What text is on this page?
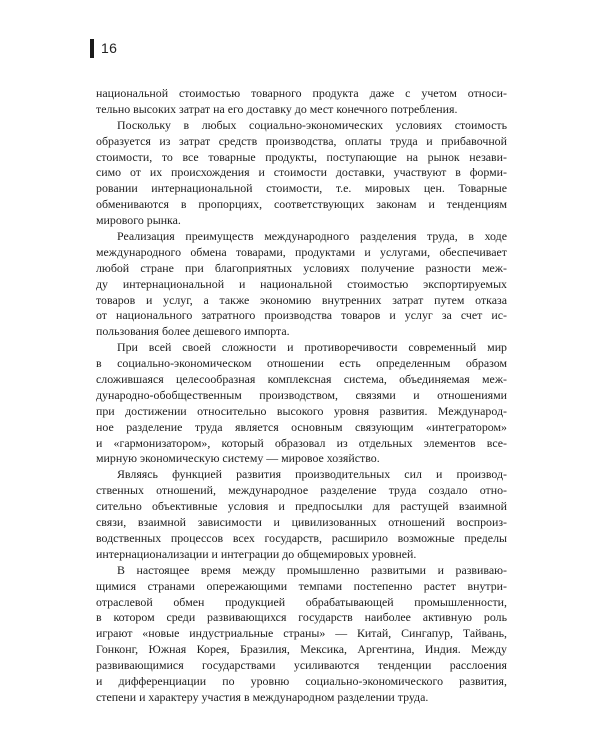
16
национальной стоимостью товарного продукта даже с учетом относи-
тельно высоких затрат на его доставку до мест конечного потребления.
Поскольку в любых социально-экономических условиях стоимость
образуется из затрат средств производства, оплаты труда и прибавочной
стоимости, то все товарные продукты, поступающие на рынок незави-
симо от их происхождения и стоимости доставки, участвуют в форми-
ровании интернациональной стоимости, т.е. мировых цен. Товарные
обмениваются в пропорциях, соответствующих законам и тенденциям
мирового рынка.
Реализация преимуществ международного разделения труда, в ходе
международного обмена товарами, продуктами и услугами, обеспечивает
любой стране при благоприятных условиях получение разности меж-
ду интернациональной и национальной стоимостью экспортируемых
товаров и услуг, а также экономию внутренних затрат путем отказа
от национального затратного производства товаров и услуг за счет ис-
пользования более дешевого импорта.
При всей своей сложности и противоречивости современный мир
в социально-экономическом отношении есть определенным образом
сложившаяся целесообразная комплексная система, объединяемая меж-
дународно-обобщественным производством, связями и отношениями
при достижении относительно высокого уровня развития. Международ-
ное разделение труда является основным связующим «интегратором»
и «гармонизатором», который образовал из отдельных элементов все-
мирную экономическую систему — мировое хозяйство.
Являясь функцией развития производительных сил и производ-
ственных отношений, международное разделение труда создало отно-
сительно объективные условия и предпосылки для растущей взаимной
связи, взаимной зависимости и цивилизованных отношений воспроиз-
водственных процессов всех государств, расширило возможные пределы
интернационализации и интеграции до общемировых уровней.
В настоящее время между промышленно развитыми и развиваю-
щимися странами опережающими темпами постепенно растет внутри-
отраслевой обмен продукцией обрабатывающей промышленности,
в котором среди развивающихся государств наиболее активную роль
играют «новые индустриальные страны» — Китай, Сингапур, Тайвань,
Гонконг, Южная Корея, Бразилия, Мексика, Аргентина, Индия. Между
развивающимися государствами усиливаются тенденции расслоения
и дифференциации по уровню социально-экономического развития,
степени и характеру участия в международном разделении труда.
